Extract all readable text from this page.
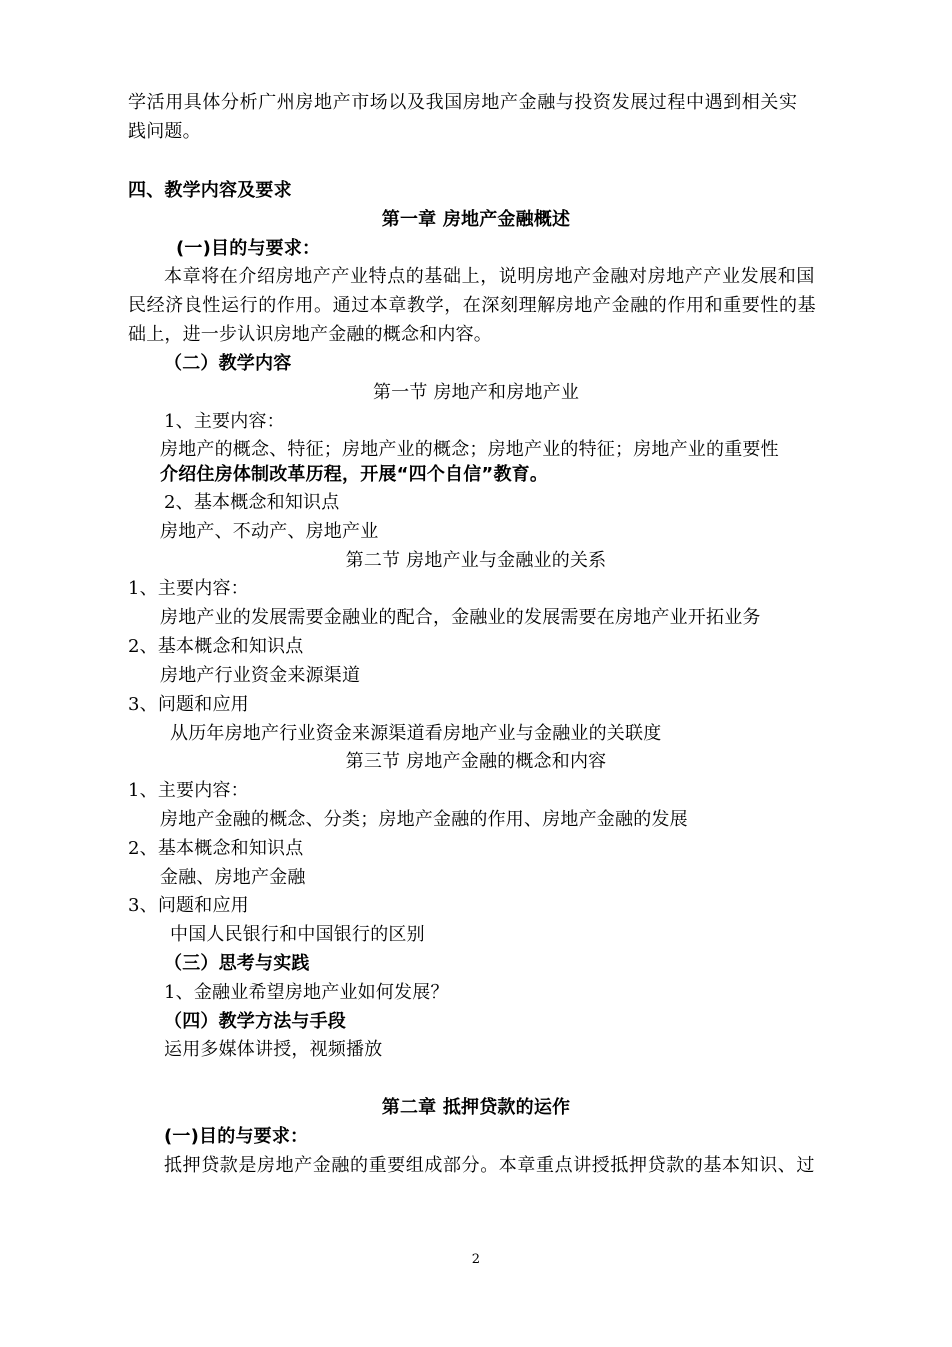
学活用具体分析广州房地产市场以及我国房地产金融与投资发展过程中遇到相关实
践问题。
四、教学内容及要求
第一章 房地产金融概述
(一)目的与要求：
本章将在介绍房地产产业特点的基础上，说明房地产金融对房地产产业发展和国
民经济良性运行的作用。通过本章教学，在深刻理解房地产金融的作用和重要性的基
础上，进一步认识房地产金融的概念和内容。
（二）教学内容
第一节 房地产和房地产业
1、主要内容：
房地产的概念、特征；房地产业的概念；房地产业的特征；房地产业的重要性
介绍住房体制改革历程，开展“四个自信”教育。
2、基本概念和知识点
房地产、不动产、房地产业
第二节 房地产业与金融业的关系
1、主要内容：
房地产业的发展需要金融业的配合，金融业的发展需要在房地产业开拓业务
2、基本概念和知识点
房地产行业资金来源渠道
3、问题和应用
从历年房地产行业资金来源渠道看房地产业与金融业的关联度
第三节 房地产金融的概念和内容
1、主要内容：
房地产金融的概念、分类；房地产金融的作用、房地产金融的发展
2、基本概念和知识点
金融、房地产金融
3、问题和应用
中国人民银行和中国银行的区别
（三）思考与实践
1、金融业希望房地产业如何发展？
（四）教学方法与手段
运用多媒体讲授，视频播放
第二章 抵押贷款的运作
(一)目的与要求：
抵押贷款是房地产金融的重要组成部分。本章重点讲授抵押贷款的基本知识、过
2
